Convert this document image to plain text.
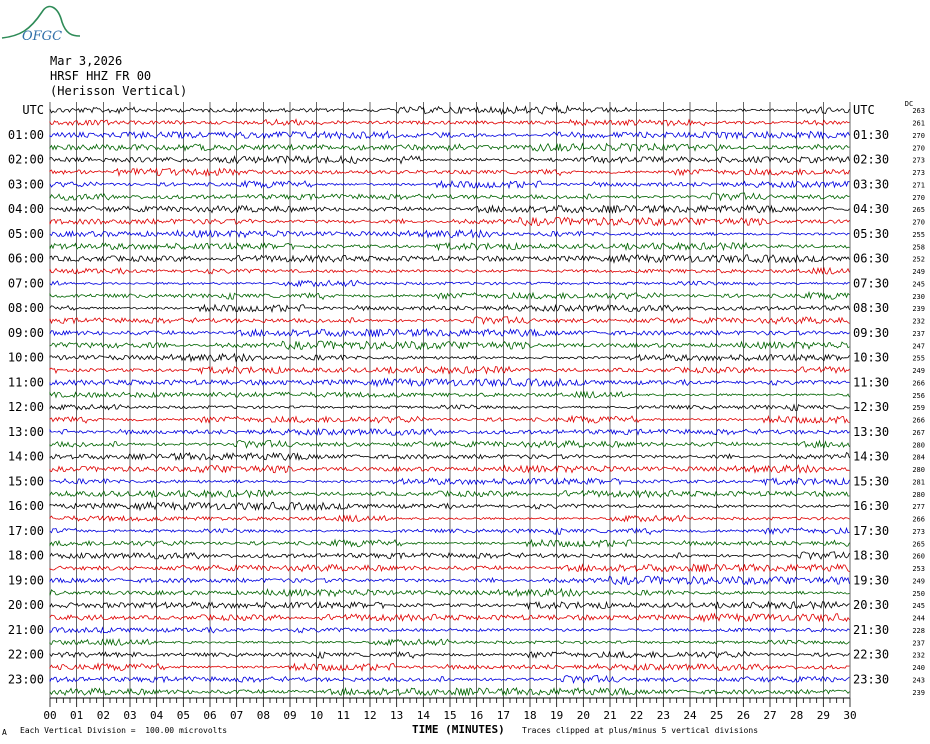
OFGC
Mar 3,2026
HRSF HHZ FR 00
(Herisson Vertical)
263
261
270
270
273
273
271
270
265
270
255
258
252
249
245
230
239
232
237
247
255
249
266
256
259
266
267
280
284
280
281
280
277
266
273
265
260
253
249
250
245
244
228
237
232
240
243
239
UTC
01:00
02:00
03:00
04:00
05:00
06:00
07:00
08:00
09:00
10:00
11:00
12:00
13:00
14:00
15:00
16:00
17:00
18:00
19:00
20:00
21:00
22:00
23:00
UTC
01:30
02:30
03:30
04:30
05:30
06:30
07:30
08:30
09:30
10:30
11:30
12:30
13:30
14:30
15:30
16:30
17:30
18:30
19:30
20:30
21:30
22:30
23:30
DC
00 01 02 03 04 05 06 07 08 09 10 11 12 13 14 15 16 17 18 19 20 21 22 23 24 25 26 27 28 29 30
TIME (MINUTES)
A Each Vertical Division =  100.00 microvolts	Traces clipped at plus/minus 5 vertical divisions
